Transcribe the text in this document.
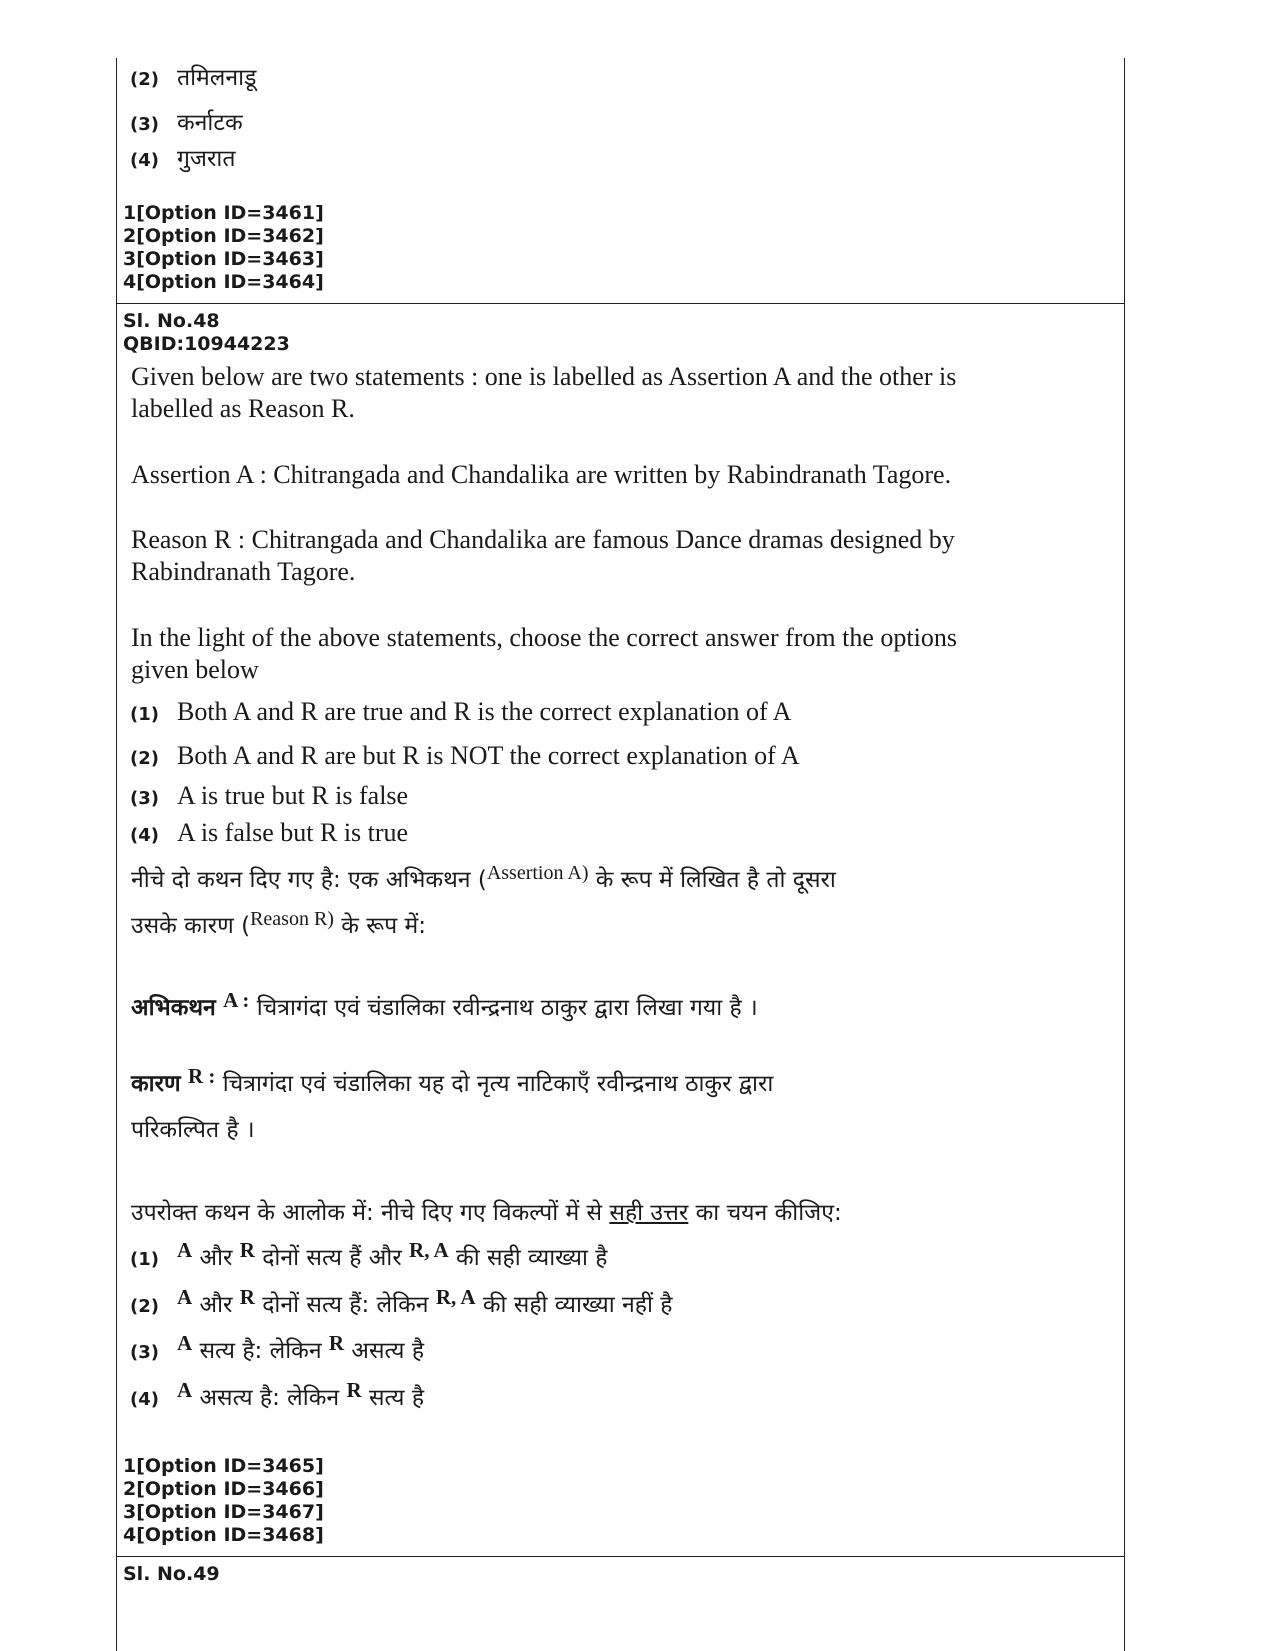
(2) तमिलनाडू
(3) कर्नाटक
(4) गुजरात
1[Option ID=3461]
2[Option ID=3462]
3[Option ID=3463]
4[Option ID=3464]
Sl. No.48
QBID:10944223
Given below are two statements : one is labelled as Assertion A and the other is
labelled as Reason R.
Assertion A : Chitrangada and Chandalika are written by Rabindranath Tagore.
Reason R : Chitrangada and Chandalika are famous Dance dramas designed by
Rabindranath Tagore.
In the light of the above statements, choose the correct answer from the options
given below
(1) Both A and R are true and R is the correct explanation of A
(2) Both A and R are but R is NOT the correct explanation of A
(3) A is true but R is false
(4) A is false but R is true
नीचे दो कथन दिए गए है: एक अभिकथन (Assertion A) के रूप में लिखित है तो दूसरा
उसके कारण (Reason R) के रूप में:
अभिकथन A : चित्रागंदा एवं चंडालिका रवीन्द्रनाथ ठाकुर द्वारा लिखा गया है ।
कारण R : चित्रागंदा एवं चंडालिका यह दो नृत्य नाटिकाएँ रवीन्द्रनाथ ठाकुर द्वारा
परिकल्पित है ।
उपरोक्त कथन के आलोक में: नीचे दिए गए विकल्पों में से सही उत्तर का चयन कीजिए:
(1) A और R दोनों सत्य हैं और R, A की सही व्याख्या है
(2) A और R दोनों सत्य हैं: लेकिन R, A की सही व्याख्या नहीं है
(3) A सत्य है: लेकिन R असत्य है
(4) A असत्य है: लेकिन R सत्य है
1[Option ID=3465]
2[Option ID=3466]
3[Option ID=3467]
4[Option ID=3468]
Sl. No.49
